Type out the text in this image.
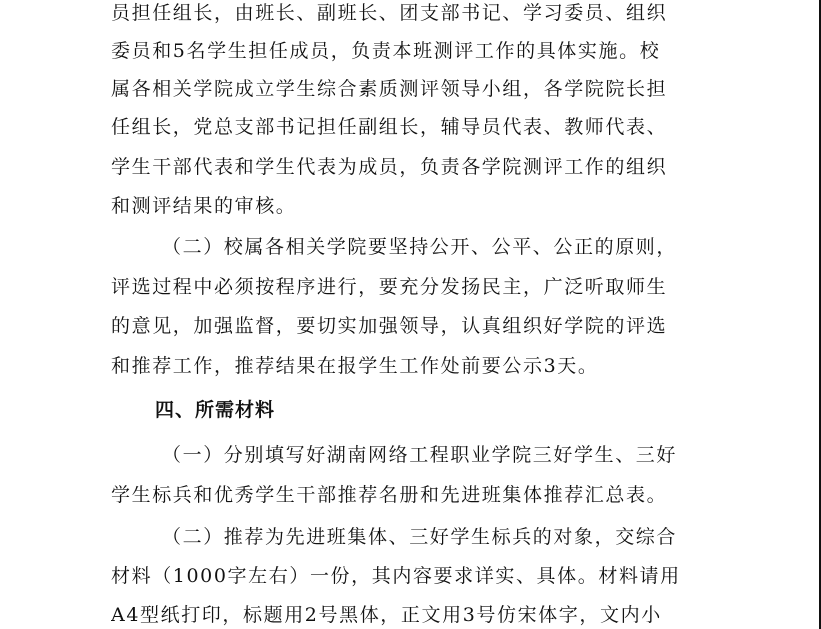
员担任组长，由班长、副班长、团支部书记、学习委员、组织
委员和5名学生担任成员，负责本班测评工作的具体实施。校
属各相关学院成立学生综合素质测评领导小组，各学院院长担
任组长，党总支部书记担任副组长，辅导员代表、教师代表、
学生干部代表和学生代表为成员，负责各学院测评工作的组织
和测评结果的审核。
（二）校属各相关学院要坚持公开、公平、公正的原则，
评选过程中必须按程序进行，要充分发扬民主，广泛听取师生
的意见，加强监督，要切实加强领导，认真组织好学院的评选
和推荐工作，推荐结果在报学生工作处前要公示3天。
四、所需材料
（一）分别填写好湖南网络工程职业学院三好学生、三好
学生标兵和优秀学生干部推荐名册和先进班集体推荐汇总表。
（二）推荐为先进班集体、三好学生标兵的对象，交综合
材料（1000字左右）一份，其内容要求详实、具体。材料请用
A4型纸打印，标题用2号黑体，正文用3号仿宋体字，文内小
